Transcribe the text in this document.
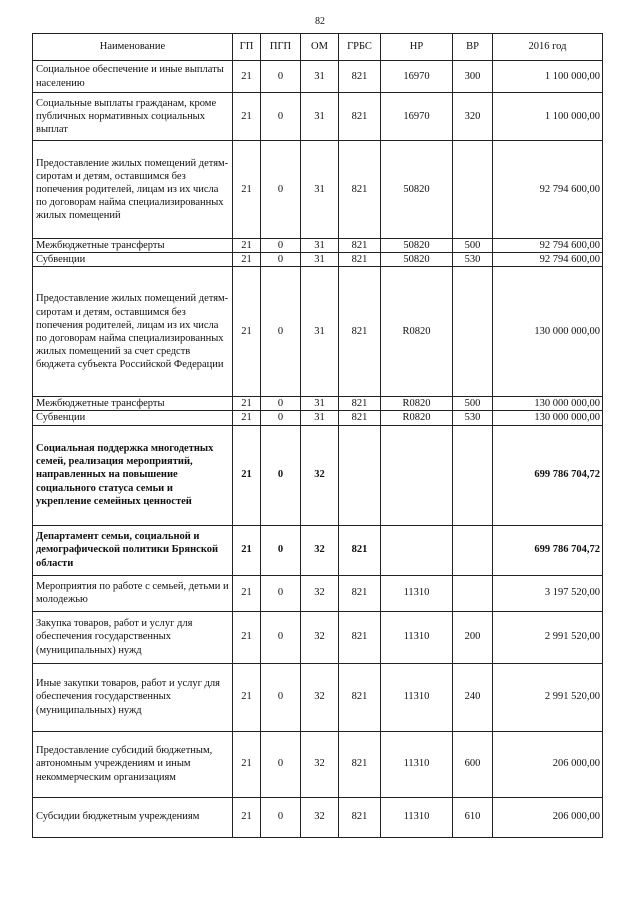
82
Наименование	ГП	ПГП	ОМ	ГРБС	НР	ВР	2016 год
Социальное обеспечение и иные выплаты населению	21	0	31	821	16970	300	1 100 000,00
Социальные выплаты гражданам, кроме публичных нормативных социальных выплат	21	0	31	821	16970	320	1 100 000,00
Предоставление жилых помещений детям-сиротам и детям, оставшимся без попечения родителей, лицам из их числа по договорам найма специализированных жилых помещений	21	0	31	821	50820		92 794 600,00
Межбюджетные трансферты	21	0	31	821	50820	500	92 794 600,00
Субвенции	21	0	31	821	50820	530	92 794 600,00
Предоставление жилых помещений детям-сиротам и детям, оставшимся без попечения родителей, лицам из их числа по договорам найма специализированных жилых помещений за счет средств бюджета субъекта Российской Федерации	21	0	31	821	R0820		130 000 000,00
Межбюджетные трансферты	21	0	31	821	R0820	500	130 000 000,00
Субвенции	21	0	31	821	R0820	530	130 000 000,00
Социальная поддержка многодетных семей, реализация мероприятий, направленных на повышение социального статуса семьи и укрепление семейных ценностей	21	0	32				699 786 704,72
Департамент семьи, социальной и демографической политики Брянской области	21	0	32	821			699 786 704,72
Мероприятия по работе с семьей, детьми и молодежью	21	0	32	821	11310		3 197 520,00
Закупка товаров, работ и услуг для обеспечения государственных (муниципальных) нужд	21	0	32	821	11310	200	2 991 520,00
Иные закупки товаров, работ и услуг для обеспечения государственных (муниципальных) нужд	21	0	32	821	11310	240	2 991 520,00
Предоставление субсидий бюджетным, автономным учреждениям и иным некоммерческим организациям	21	0	32	821	11310	600	206 000,00
Субсидии бюджетным учреждениям	21	0	32	821	11310	610	206 000,00
